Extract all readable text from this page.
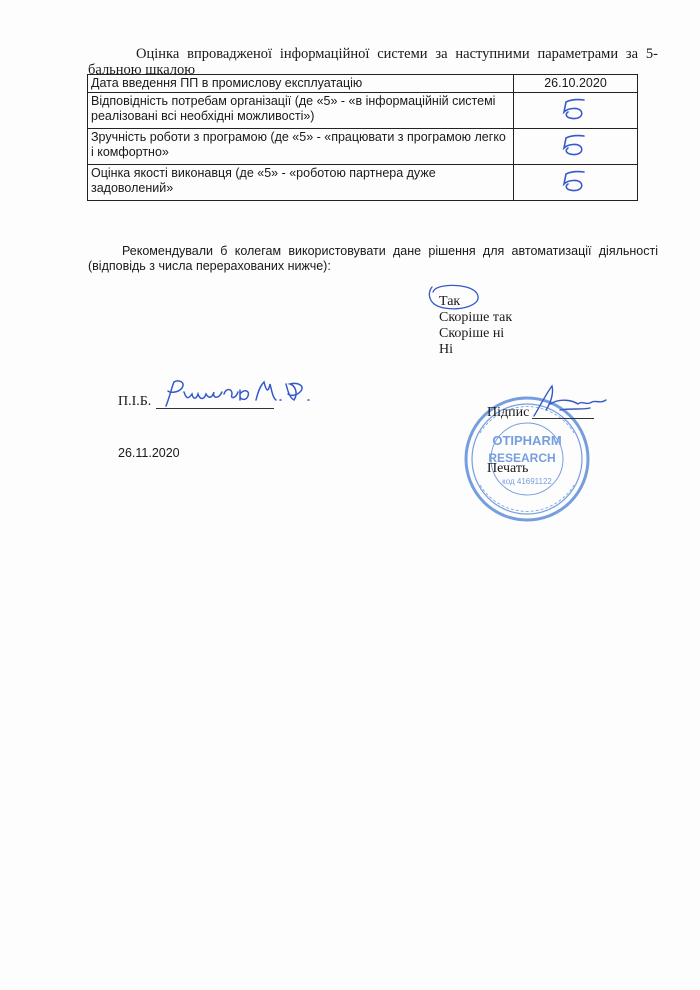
Оцінка впровадженої інформаційної системи за наступними параметрами за 5-бальною шкалою
Дата введення ПП в промислову експлуатацію	26.10.2020
Відповідність потребам організації (де «5» - «в інформаційній системі реалізовані всі необхідні можливості»)	
Зручність роботи з програмою (де «5» - «працювати з програмою легко і комфортно»	
Оцінка якості виконавця (де «5» - «роботою партнера дуже задоволений»	
Рекомендували б колегам використовувати дане рішення для автоматизації діяльності (відповідь з числа перерахованих нижче):
Так
Скоріше так
Скоріше ні
Ні
П.І.Б.
26.11.2020
OTIPHARM
RESEARCH
код 41691122
Підпис
Печать
